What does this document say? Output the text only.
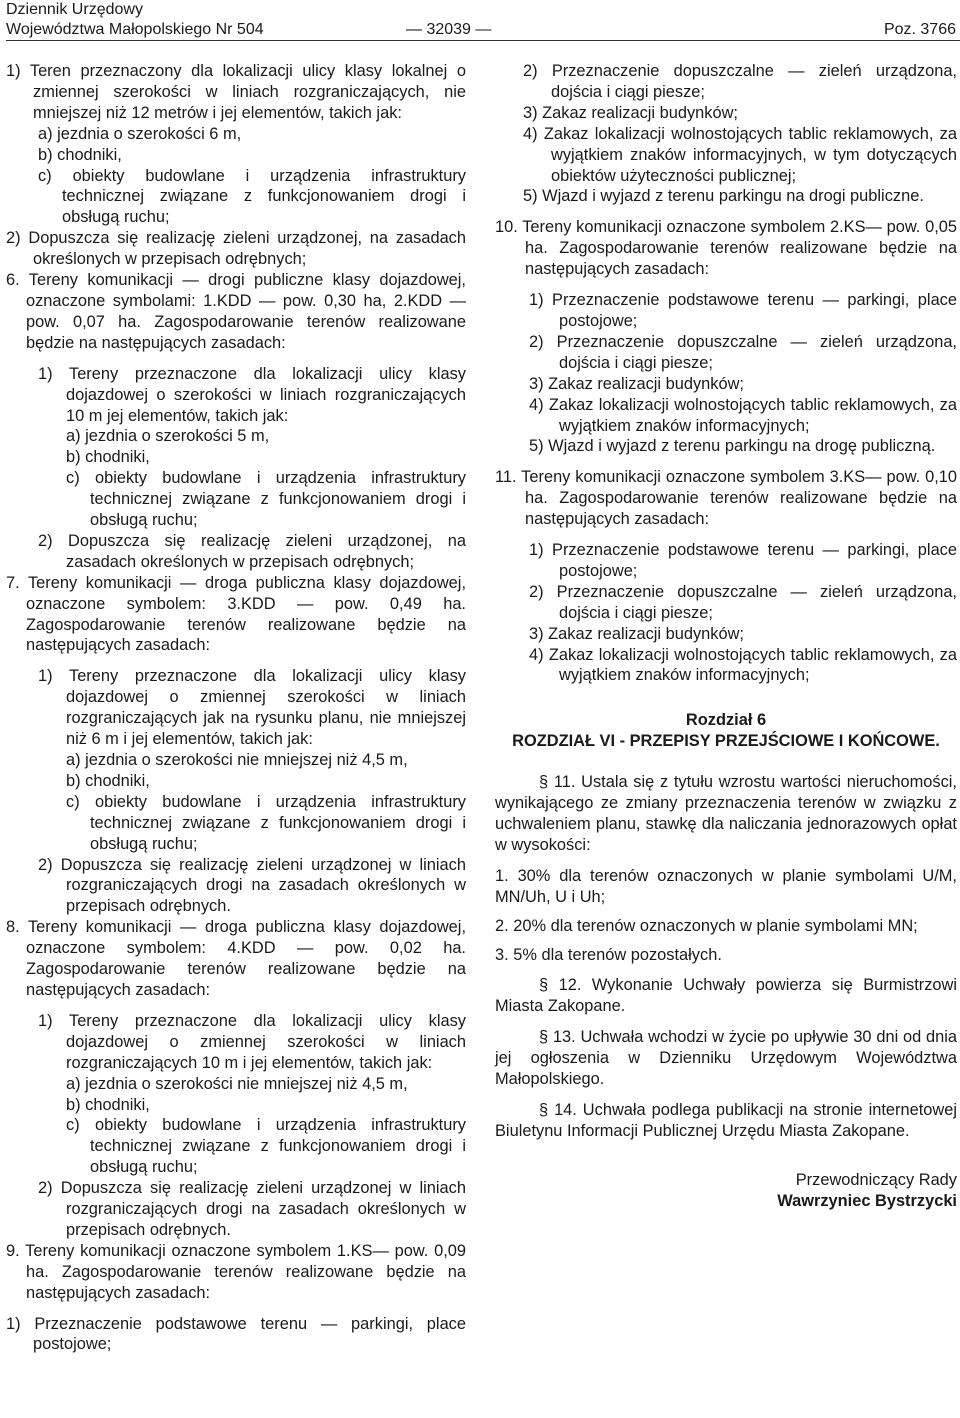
Dziennik Urzędowy
Województwa Małopolskiego Nr 504	— 32039 —	Poz. 3766

1) Teren przeznaczony dla lokalizacji ulicy klasy lokalnej o zmiennej szerokości w liniach rozgraniczających, nie mniejszej niż 12 metrów i jej elementów, takich jak:

a) jezdnia o szerokości 6 m,

b) chodniki,

c) obiekty budowlane i urządzenia infrastruktury technicznej związane z funkcjonowaniem drogi i obsługą ruchu;

2) Dopuszcza się realizację zieleni urządzonej, na zasadach określonych w przepisach odrębnych;

6. Tereny komunikacji — drogi publiczne klasy dojazdowej, oznaczone symbolami: 1.KDD — pow. 0,30 ha, 2.KDD — pow. 0,07 ha. Zagospodarowanie terenów realizowane będzie na następujących zasadach:

1) Tereny przeznaczone dla lokalizacji ulicy klasy dojazdowej o szerokości w liniach rozgraniczających 10 m jej elementów, takich jak:

a) jezdnia o szerokości 5 m,

b) chodniki,

c) obiekty budowlane i urządzenia infrastruktury technicznej związane z funkcjonowaniem drogi i obsługą ruchu;

2) Dopuszcza się realizację zieleni urządzonej, na zasadach określonych w przepisach odrębnych;

7. Tereny komunikacji — droga publiczna klasy dojazdowej, oznaczone symbolem: 3.KDD — pow. 0,49 ha. Zagospodarowanie terenów realizowane będzie na następujących zasadach:

1) Tereny przeznaczone dla lokalizacji ulicy klasy dojazdowej o zmiennej szerokości w liniach rozgraniczających jak na rysunku planu, nie mniejszej niż 6 m i jej elementów, takich jak:

a) jezdnia o szerokości nie mniejszej niż 4,5 m,

b) chodniki,

c) obiekty budowlane i urządzenia infrastruktury technicznej związane z funkcjonowaniem drogi i obsługą ruchu;

2) Dopuszcza się realizację zieleni urządzonej w liniach rozgraniczających drogi na zasadach określonych w przepisach odrębnych.

8. Tereny komunikacji — droga publiczna klasy dojazdowej, oznaczone symbolem: 4.KDD — pow. 0,02 ha. Zagospodarowanie terenów realizowane będzie na następujących zasadach:

1) Tereny przeznaczone dla lokalizacji ulicy klasy dojazdowej o zmiennej szerokości w liniach rozgraniczających 10 m i jej elementów, takich jak:

a) jezdnia o szerokości nie mniejszej niż 4,5 m,

b) chodniki,

c) obiekty budowlane i urządzenia infrastruktury technicznej związane z funkcjonowaniem drogi i obsługą ruchu;

2) Dopuszcza się realizację zieleni urządzonej w liniach rozgraniczających drogi na zasadach określonych w przepisach odrębnych.

9. Tereny komunikacji oznaczone symbolem 1.KS— pow. 0,09 ha. Zagospodarowanie terenów realizowane będzie na następujących zasadach:

1) Przeznaczenie podstawowe terenu — parkingi, place postojowe;

2) Przeznaczenie dopuszczalne — zieleń urządzona, dojścia i ciągi piesze;

3) Zakaz realizacji budynków;

4) Zakaz lokalizacji wolnostojących tablic reklamowych, za wyjątkiem znaków informacyjnych, w tym dotyczących obiektów użyteczności publicznej;

5) Wjazd i wyjazd z terenu parkingu na drogi publiczne.

10. Tereny komunikacji oznaczone symbolem 2.KS— pow. 0,05 ha. Zagospodarowanie terenów realizowane będzie na następujących zasadach:

1) Przeznaczenie podstawowe terenu — parkingi, place postojowe;

2) Przeznaczenie dopuszczalne — zieleń urządzona, dojścia i ciągi piesze;

3) Zakaz realizacji budynków;

4) Zakaz lokalizacji wolnostojących tablic reklamowych, za wyjątkiem znaków informacyjnych;

5) Wjazd i wyjazd z terenu parkingu na drogę publiczną.

11. Tereny komunikacji oznaczone symbolem 3.KS— pow. 0,10 ha. Zagospodarowanie terenów realizowane będzie na następujących zasadach:

1) Przeznaczenie podstawowe terenu — parkingi, place postojowe;

2) Przeznaczenie dopuszczalne — zieleń urządzona, dojścia i ciągi piesze;

3) Zakaz realizacji budynków;

4) Zakaz lokalizacji wolnostojących tablic reklamowych, za wyjątkiem znaków informacyjnych;

Rozdział 6

ROZDZIAŁ VI - PRZEPISY PRZEJŚCIOWE I KOŃCOWE.

§ 11. Ustala się z tytułu wzrostu wartości nieruchomości, wynikającego ze zmiany przeznaczenia terenów w związku z uchwaleniem planu, stawkę dla naliczania jednorazowych opłat w wysokości:

1. 30% dla terenów oznaczonych w planie symbolami U/M, MN/Uh, U i Uh;

2. 20% dla terenów oznaczonych w planie symbolami MN;

3. 5% dla terenów pozostałych.

§ 12. Wykonanie Uchwały powierza się Burmistrzowi Miasta Zakopane.

§ 13. Uchwała wchodzi w życie po upływie 30 dni od dnia jej ogłoszenia w Dzienniku Urzędowym Województwa Małopolskiego.

§ 14. Uchwała podlega publikacji na stronie internetowej Biuletynu Informacji Publicznej Urzędu Miasta Zakopane.

Przewodniczący Rady

Wawrzyniec Bystrzycki
